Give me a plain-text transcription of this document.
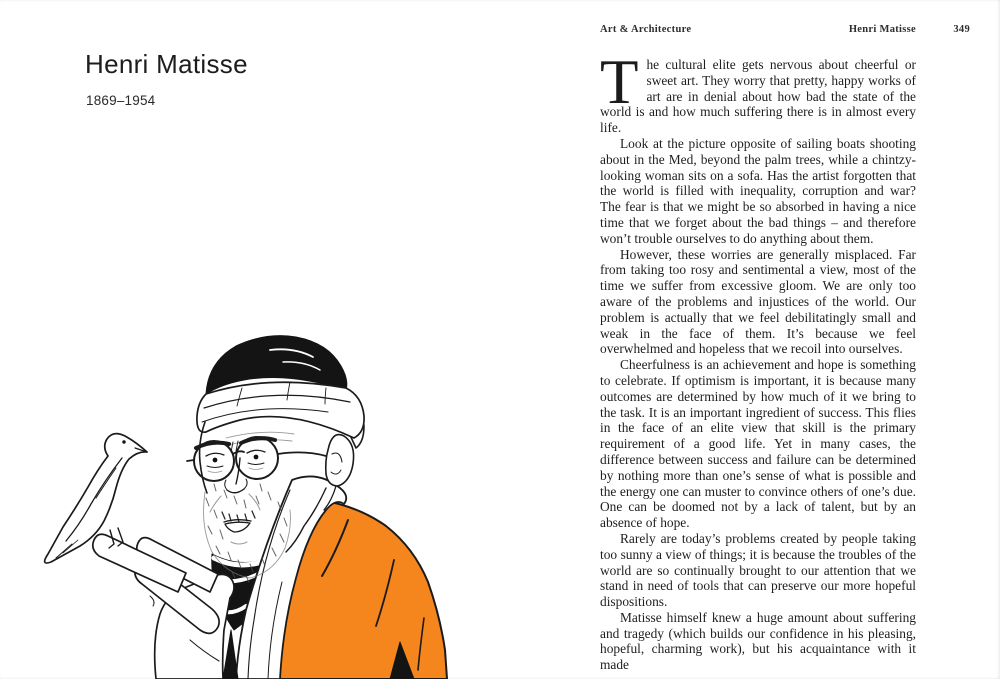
Henri Matisse
1869–1954
Art & Architecture	Henri Matisse	349

The cultural elite gets nervous about cheerful or sweet art. They worry that pretty, happy works of art are in denial about how bad the state of the world is and how much suffering there is in almost every life.

Look at the picture opposite of sailing boats shooting about in the Med, beyond the palm trees, while a chintzy-looking woman sits on a sofa. Has the artist forgotten that the world is filled with inequality, corruption and war? The fear is that we might be so absorbed in having a nice time that we forget about the bad things – and therefore won’t trouble ourselves to do anything about them.

However, these worries are generally misplaced. Far from taking too rosy and sentimental a view, most of the time we suffer from excessive gloom. We are only too aware of the problems and injustices of the world. Our problem is actually that we feel debilitatingly small and weak in the face of them. It’s because we feel overwhelmed and hopeless that we recoil into ourselves.

Cheerfulness is an achievement and hope is something to celebrate. If optimism is important, it is because many outcomes are determined by how much of it we bring to the task. It is an important ingredient of success. This flies in the face of an elite view that skill is the primary requirement of a good life. Yet in many cases, the difference between success and failure can be determined by nothing more than one’s sense of what is possible and the energy one can muster to convince others of one’s due. One can be doomed not by a lack of talent, but by an absence of hope.

Rarely are today’s problems created by people taking too sunny a view of things; it is because the troubles of the world are so continually brought to our attention that we stand in need of tools that can preserve our more hopeful dispositions.

Matisse himself knew a huge amount about suffering and tragedy (which builds our confidence in his pleasing, hopeful, charming work), but his acquaintance with it made
